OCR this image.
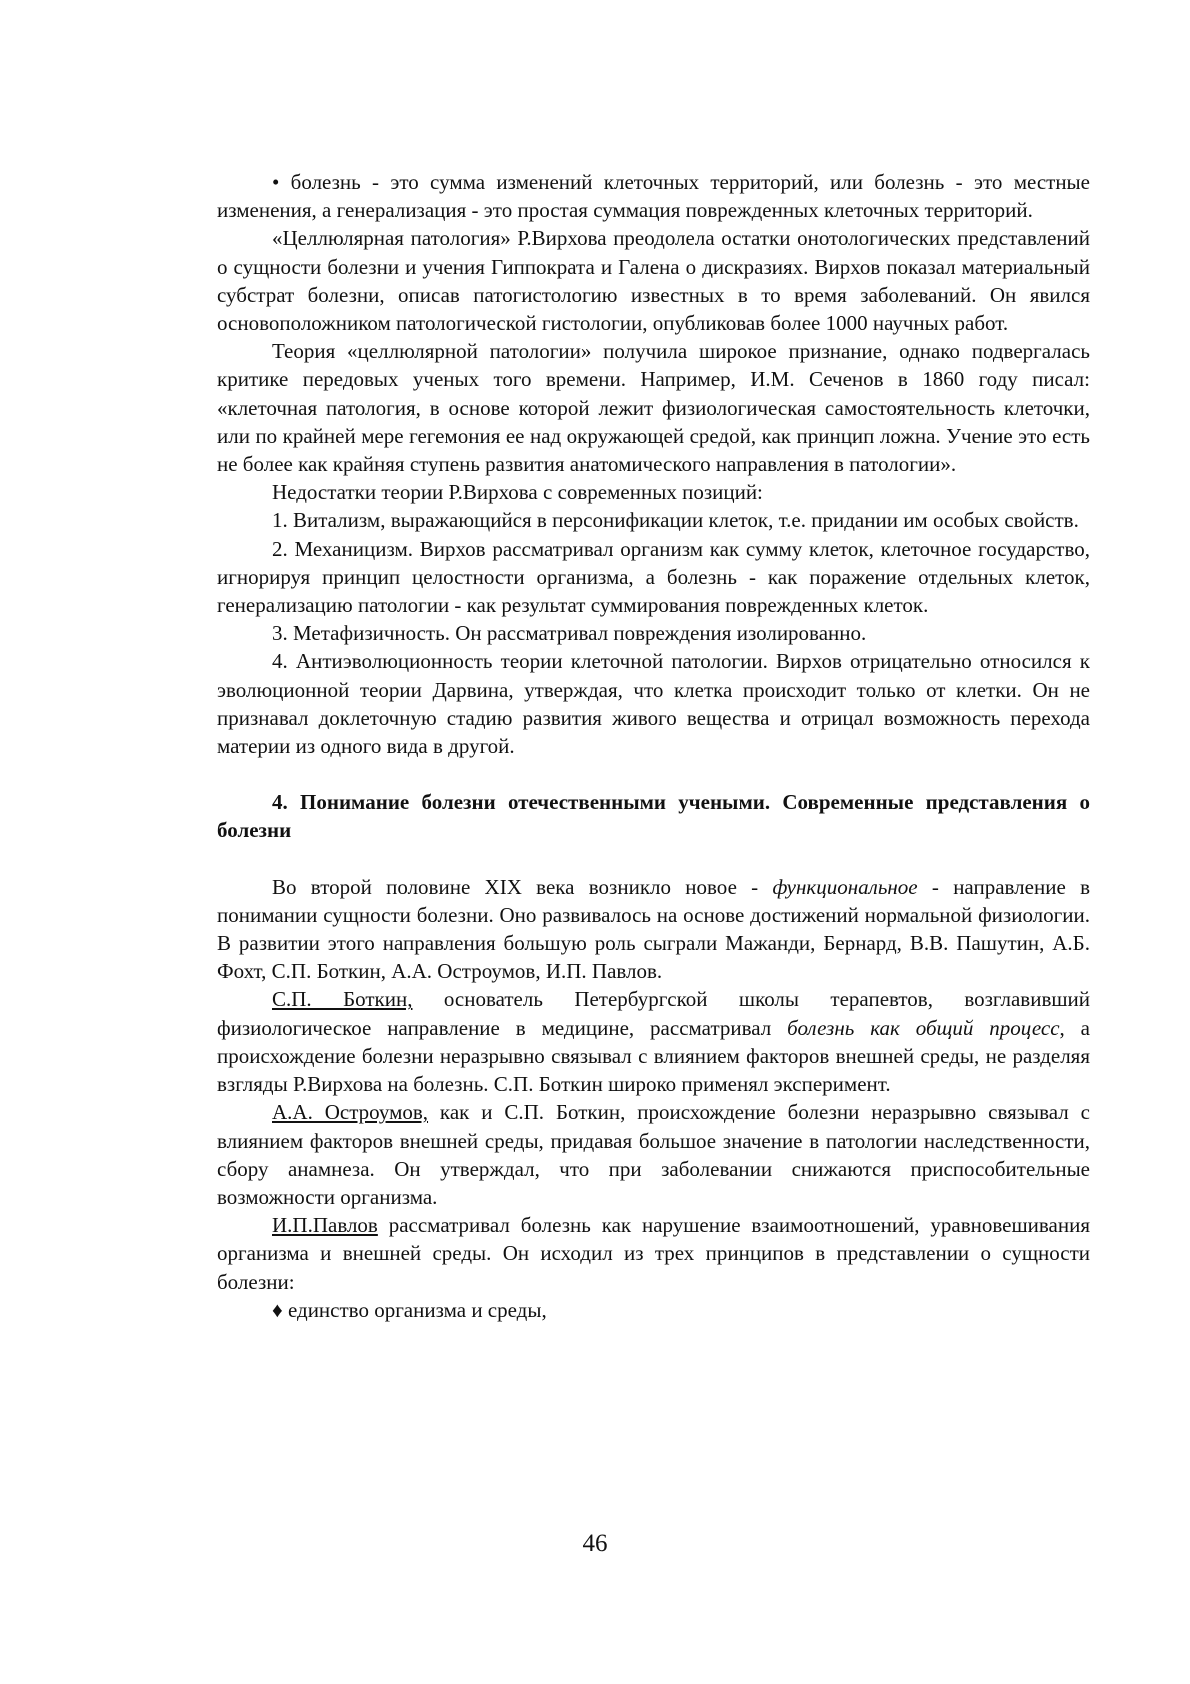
• болезнь - это сумма изменений клеточных территорий, или болезнь - это местные изменения, а генерализация - это простая суммация поврежденных клеточных территорий.

«Целлюлярная патология» Р.Вирхова преодолела остатки онотологических представлений о сущности болезни и учения Гиппократа и Галена о дискразиях. Вирхов показал материальный субстрат болезни, описав патогистологию известных в то время заболеваний. Он явился основоположником патологической гистологии, опубликовав более 1000 научных работ.

Теория «целлюлярной патологии» получила широкое признание, однако подвергалась критике передовых ученых того времени. Например, И.М. Сеченов в 1860 году писал: «клеточная патология, в основе которой лежит физиологическая самостоятельность клеточки, или по крайней мере гегемония ее над окружающей средой, как принцип ложна. Учение это есть не более как крайняя ступень развития анатомического направления в патологии».

Недостатки теории Р.Вирхова с современных позиций:

1. Витализм, выражающийся в персонификации клеток, т.е. придании им особых свойств.

2. Механицизм. Вирхов рассматривал организм как сумму клеток, клеточное государство, игнорируя принцип целостности организма, а болезнь - как поражение отдельных клеток, генерализацию патологии - как результат суммирования поврежденных клеток.

3. Метафизичность. Он рассматривал повреждения изолированно.

4. Антиэволюционность теории клеточной патологии. Вирхов отрицательно относился к эволюционной теории Дарвина, утверждая, что клетка происходит только от клетки. Он не признавал доклеточную стадию развития живого вещества и отрицал возможность перехода материи из одного вида в другой.

4. Понимание болезни отечественными учеными. Современные представления о болезни

Во второй половине XIX века возникло новое - функциональное - направление в понимании сущности болезни. Оно развивалось на основе достижений нормальной физиологии. В развитии этого направления большую роль сыграли Мажанди, Бернард, В.В. Пашутин, А.Б. Фохт, С.П. Боткин, А.А. Остроумов, И.П. Павлов.

С.П. Боткин, основатель Петербургской школы терапевтов, возглавивший физиологическое направление в медицине, рассматривал болезнь как общий процесс, а происхождение болезни неразрывно связывал с влиянием факторов внешней среды, не разделяя взгляды Р.Вирхова на болезнь. С.П. Боткин широко применял эксперимент.

А.А. Остроумов, как и С.П. Боткин, происхождение болезни неразрывно связывал с влиянием факторов внешней среды, придавая большое значение в патологии наследственности, сбору анамнеза. Он утверждал, что при заболевании снижаются приспособительные возможности организма.

И.П.Павлов рассматривал болезнь как нарушение взаимоотношений, уравновешивания организма и внешней среды. Он исходил из трех принципов в представлении о сущности болезни:

♦ единство организма и среды,

46
